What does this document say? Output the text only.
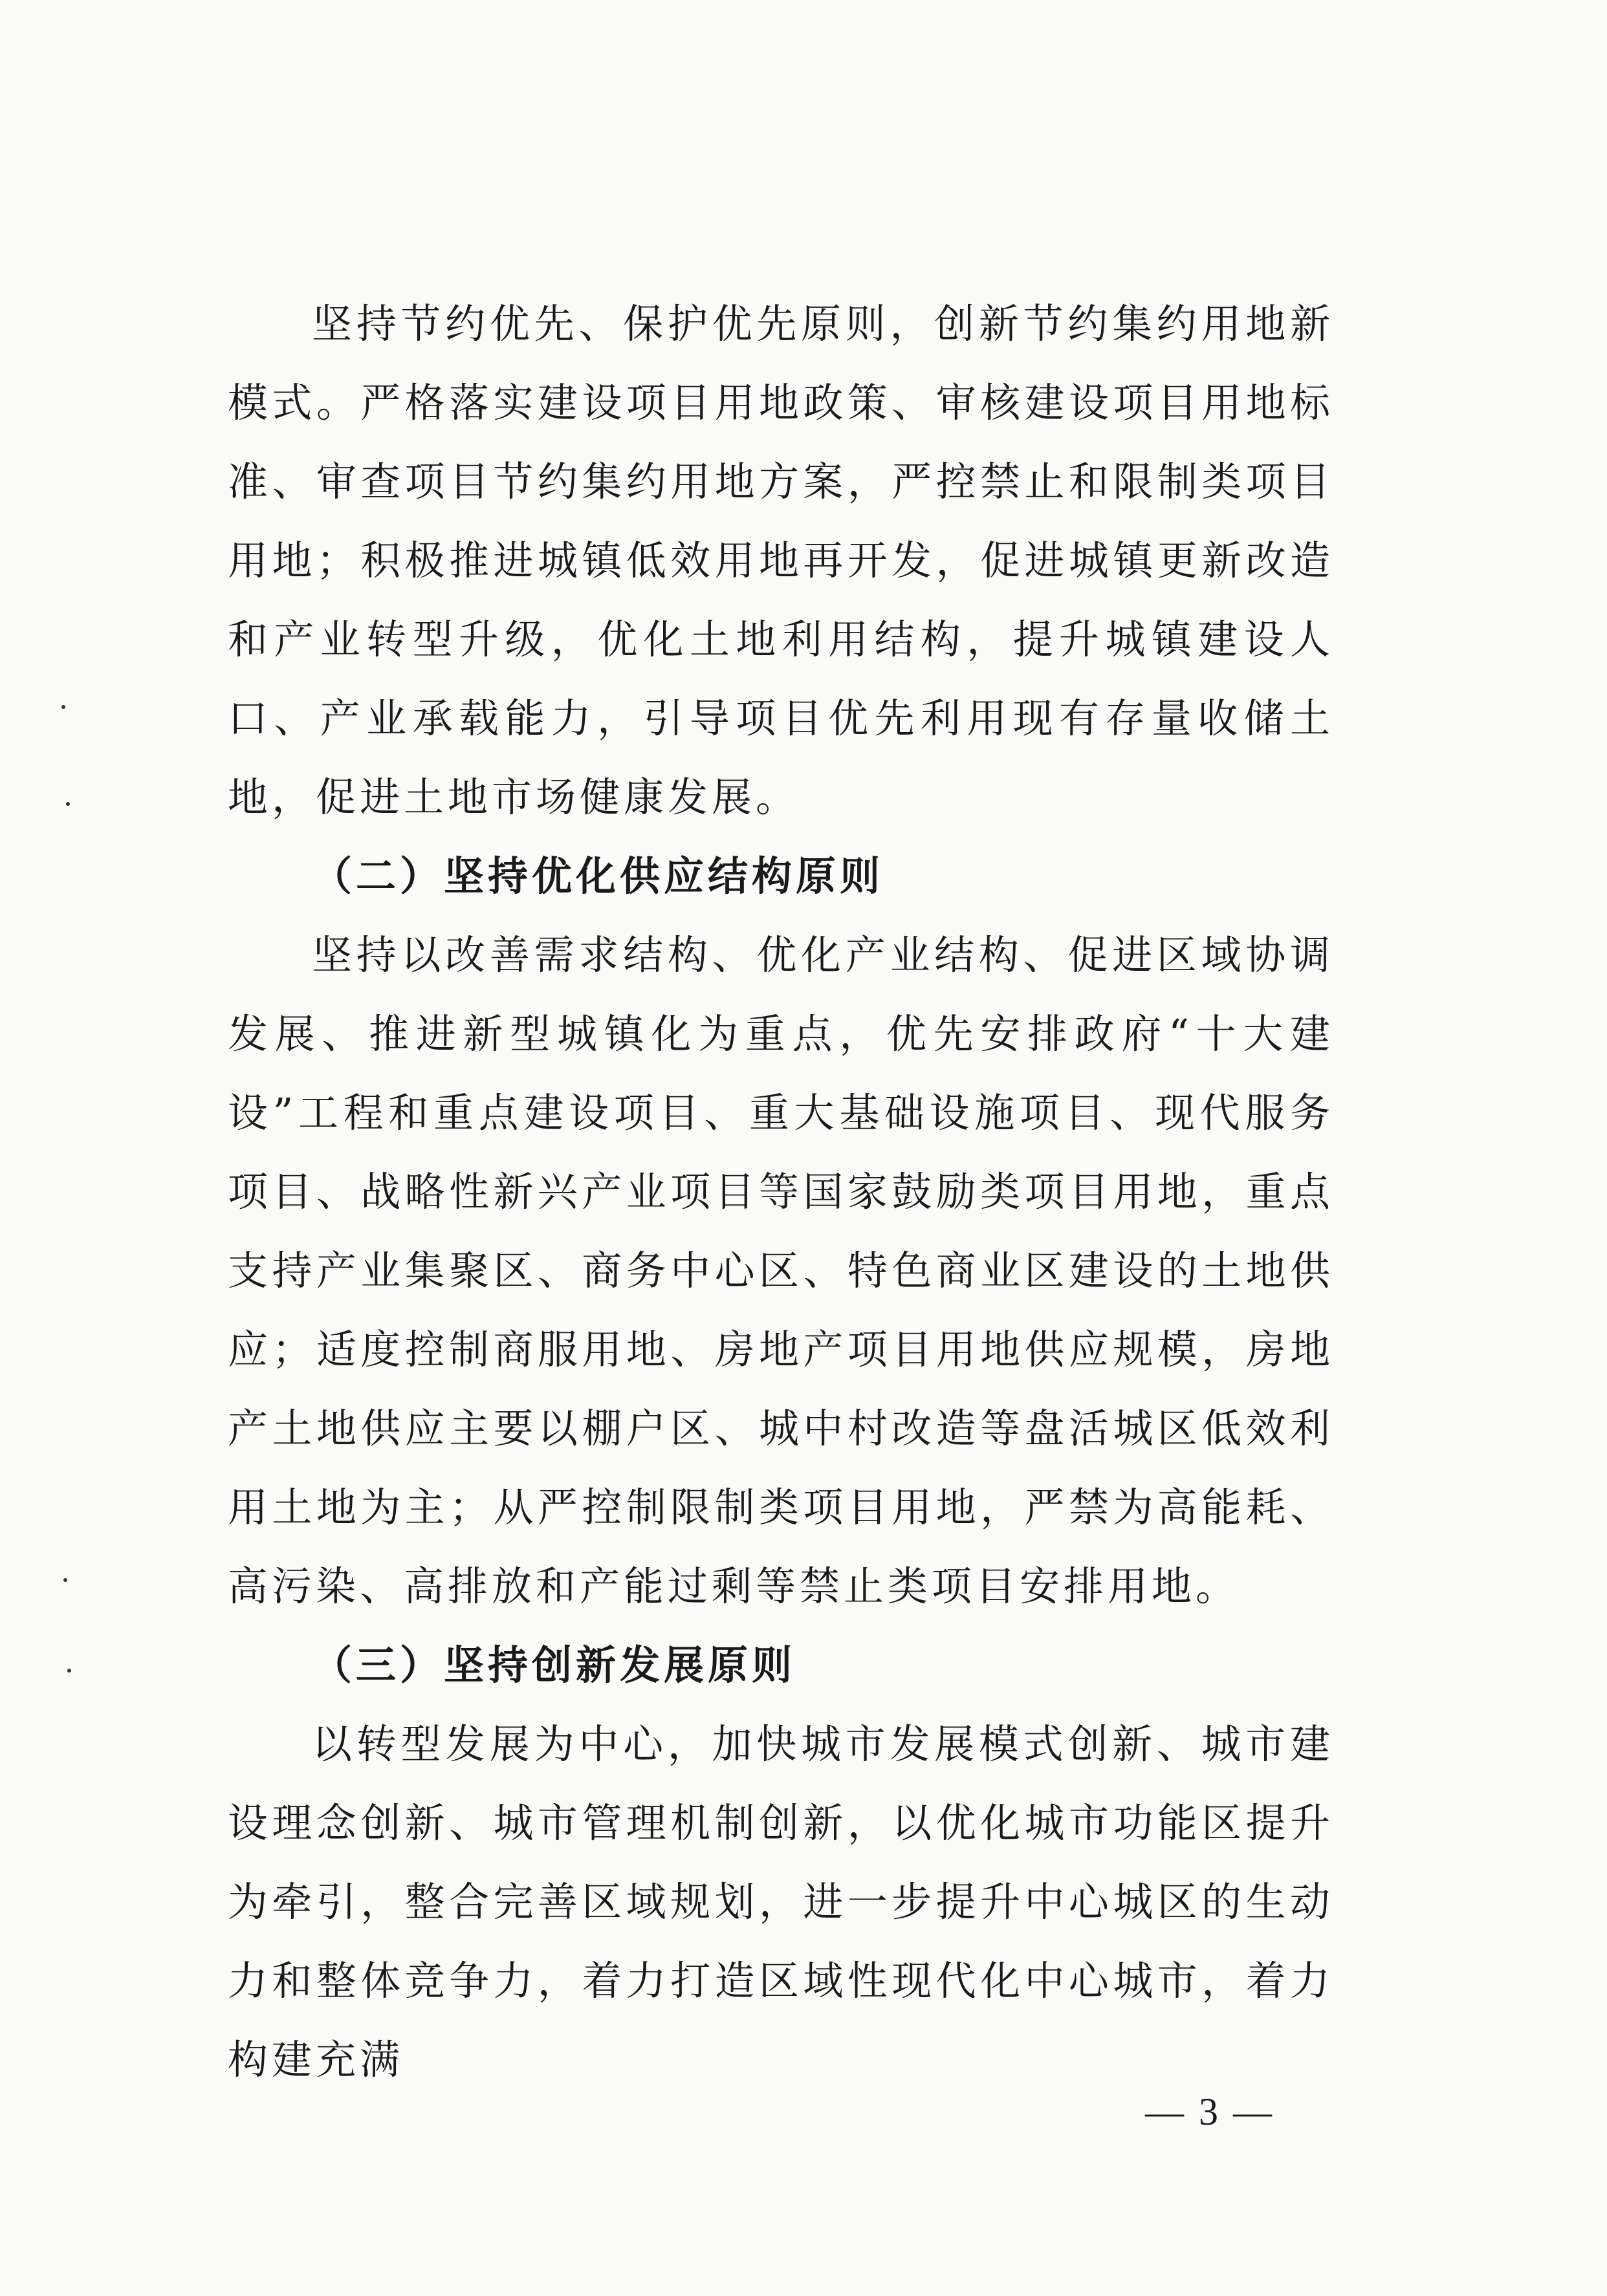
坚持节约优先、保护优先原则，创新节约集约用地新模式。严格落实建设项目用地政策、审核建设项目用地标准、审查项目节约集约用地方案，严控禁止和限制类项目用地；积极推进城镇低效用地再开发，促进城镇更新改造和产业转型升级，优化土地利用结构，提升城镇建设人口、产业承载能力，引导项目优先利用现有存量收储土地，促进土地市场健康发展。

（二）坚持优化供应结构原则

坚持以改善需求结构、优化产业结构、促进区域协调发展、推进新型城镇化为重点，优先安排政府“十大建设”工程和重点建设项目、重大基础设施项目、现代服务项目、战略性新兴产业项目等国家鼓励类项目用地，重点支持产业集聚区、商务中心区、特色商业区建设的土地供应；适度控制商服用地、房地产项目用地供应规模，房地产土地供应主要以棚户区、城中村改造等盘活城区低效利用土地为主；从严控制限制类项目用地，严禁为高能耗、高污染、高排放和产能过剩等禁止类项目安排用地。

（三）坚持创新发展原则

以转型发展为中心，加快城市发展模式创新、城市建设理念创新、城市管理机制创新，以优化城市功能区提升为牵引，整合完善区域规划，进一步提升中心城区的生动力和整体竞争力，着力打造区域性现代化中心城市，着力构建充满

— 3 —
